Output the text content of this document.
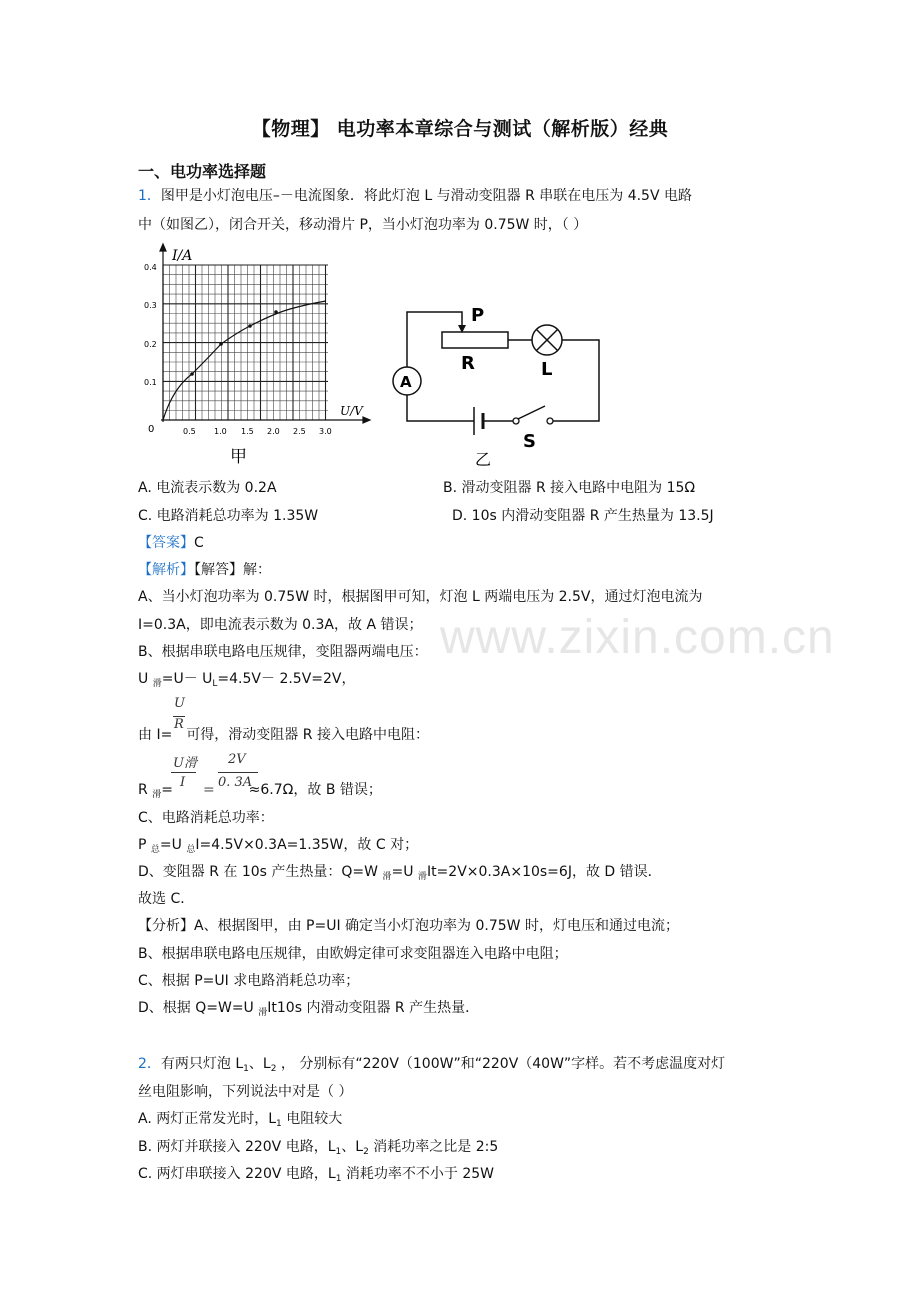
www.zixin.com.cn
【物理】 电功率本章综合与测试（解析版）经典
一、电功率选择题
1．图甲是小灯泡电压–－电流图象．将此灯泡 L 与滑动变阻器 R 串联在电压为 4.5V 电路
中（如图乙），闭合开关，移动滑片 P，当小灯泡功率为 0.75W 时，（ ）
I/A
U/V
0.4
0.3
0.2
0.1
0	0.5 1.0 1.5 2.0 2.5 3.0
甲
P
R	L
A
S
乙
A. 电流表示数为 0.2A	B. 滑动变阻器 R 接入电路中电阻为 15Ω
C. 电路消耗总功率为 1.35W	D. 10s 内滑动变阻器 R 产生热量为 13.5J
【答案】C
【解析】【解答】解：
A、当小灯泡功率为 0.75W 时，根据图甲可知，灯泡 L 两端电压为 2.5V，通过灯泡电流为
I=0.3A，即电流表示数为 0.3A，故 A 错误；
B、根据串联电路电压规律，变阻器两端电压：
U $_滑=U- U_L=4.5V- 2.5V=2V$，
U
R
由 I= 可得，滑动变阻器 R 接入电路中电阻：
U滑
I
2V
0. 3A
R $_滑$= = ≈6.7Ω，故 B 错误；
C、电路消耗总功率：
P $_总$=U $_总$I=4.5V×0.3A=1.35W，故 C 对；
D、变阻器 R 在 10s 产生热量：Q=W $_滑$=U $_滑$It=2V×0.3A×10s=6J，故 D 错误．
故选 C．
【分析】A、根据图甲，由 P=UI 确定当小灯泡功率为 0.75W 时，灯电压和通过电流；
B、根据串联电路电压规律，由欧姆定律可求变阻器连入电路中电阻；
C、根据 P=UI 求电路消耗总功率；
D、根据 Q=W=U $_滑$It10s 内滑动变阻器 R 产生热量．
2．有两只灯泡 $L_1$、$L_2$ ， 分别标有“220V（100W”和“220V（40W”字样。若不考虑温度对灯
丝电阻影响，下列说法中对是（ ）
A. 两灯正常发光时，$L_1$ 电阻较大
B. 两灯并联接入 220V 电路，$L_1$、$L_2$ 消耗功率之比是 2:5
C. 两灯串联接入 220V 电路，$L_1$ 消耗功率不不小于 25W
